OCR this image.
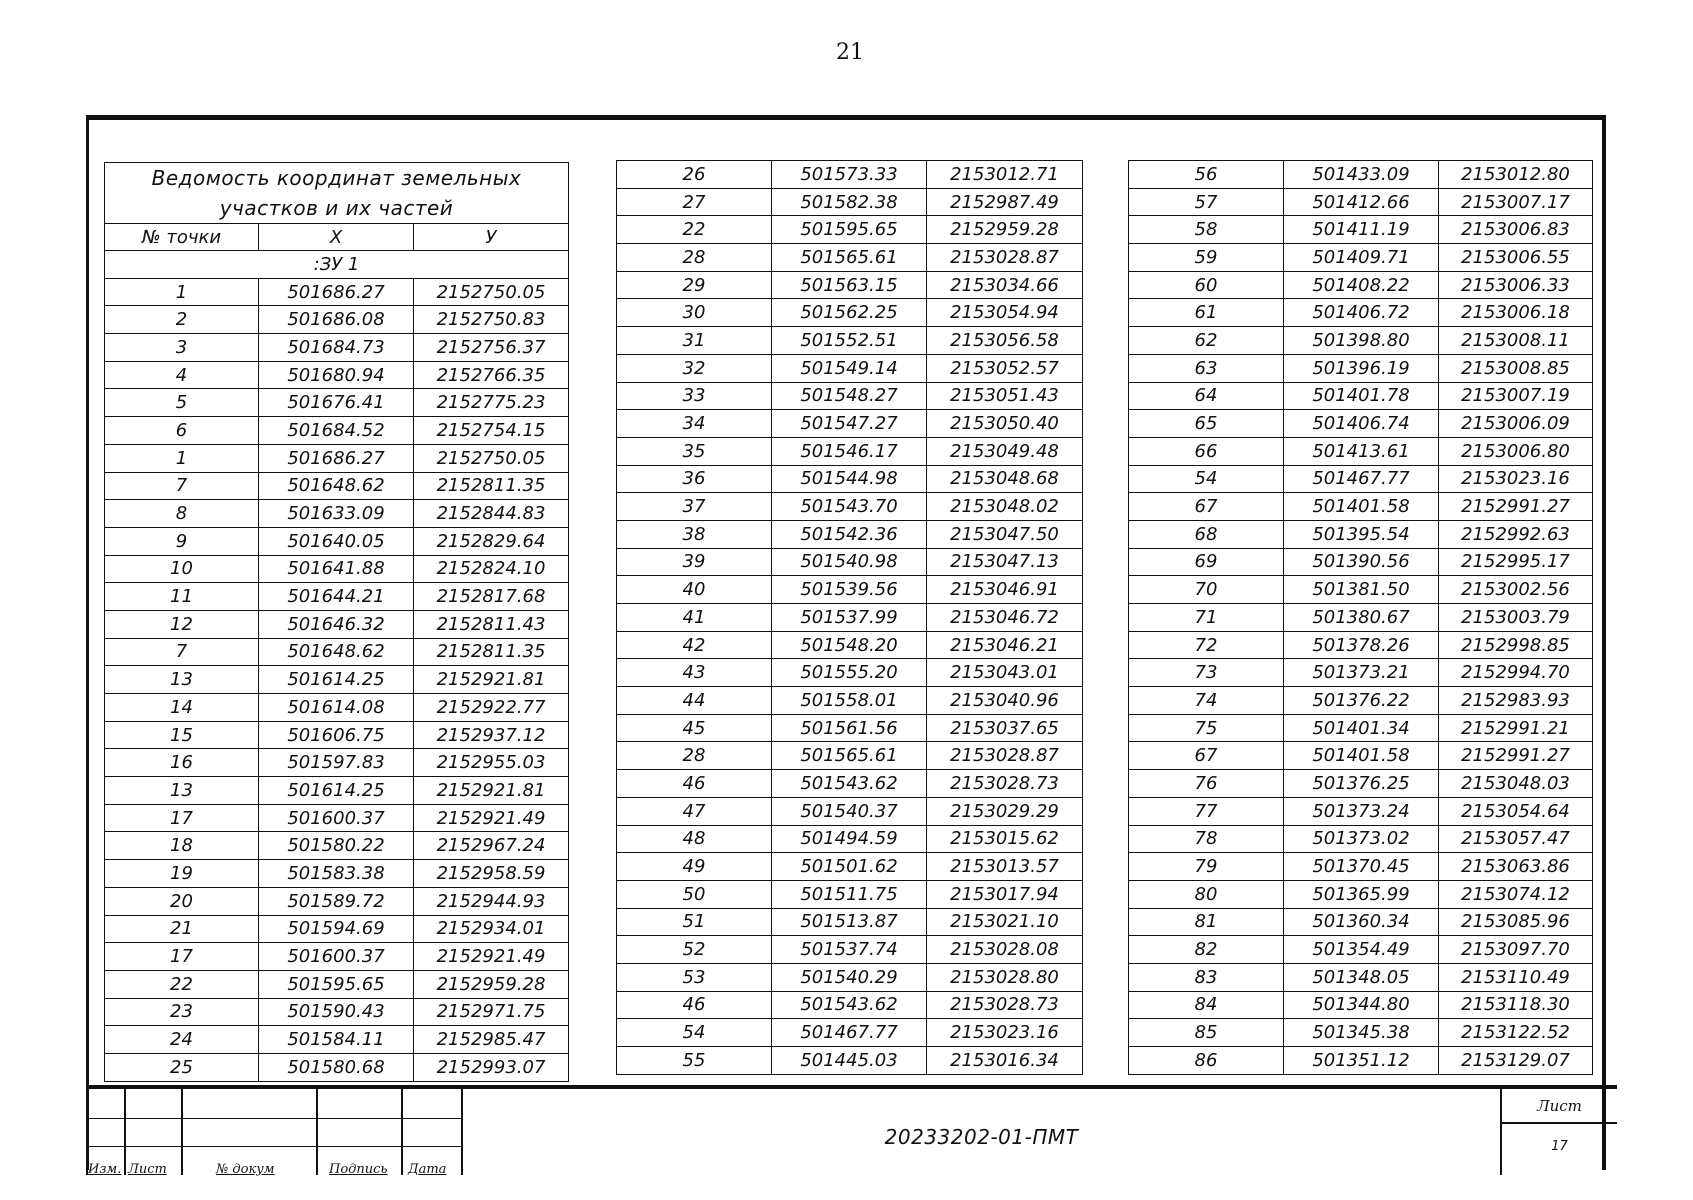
21
Ведомость координат земельных участков и их частей		
№ точки	X	У
:ЗУ 1		
1	501686.27	2152750.05
2	501686.08	2152750.83
3	501684.73	2152756.37
4	501680.94	2152766.35
5	501676.41	2152775.23
6	501684.52	2152754.15
1	501686.27	2152750.05
7	501648.62	2152811.35
8	501633.09	2152844.83
9	501640.05	2152829.64
10	501641.88	2152824.10
11	501644.21	2152817.68
12	501646.32	2152811.43
7	501648.62	2152811.35
13	501614.25	2152921.81
14	501614.08	2152922.77
15	501606.75	2152937.12
16	501597.83	2152955.03
13	501614.25	2152921.81
17	501600.37	2152921.49
18	501580.22	2152967.24
19	501583.38	2152958.59
20	501589.72	2152944.93
21	501594.69	2152934.01
17	501600.37	2152921.49
22	501595.65	2152959.28
23	501590.43	2152971.75
24	501584.11	2152985.47
25	501580.68	2152993.07
26	501573.33	2153012.71
27	501582.38	2152987.49
22	501595.65	2152959.28
28	501565.61	2153028.87
29	501563.15	2153034.66
30	501562.25	2153054.94
31	501552.51	2153056.58
32	501549.14	2153052.57
33	501548.27	2153051.43
34	501547.27	2153050.40
35	501546.17	2153049.48
36	501544.98	2153048.68
37	501543.70	2153048.02
38	501542.36	2153047.50
39	501540.98	2153047.13
40	501539.56	2153046.91
41	501537.99	2153046.72
42	501548.20	2153046.21
43	501555.20	2153043.01
44	501558.01	2153040.96
45	501561.56	2153037.65
28	501565.61	2153028.87
46	501543.62	2153028.73
47	501540.37	2153029.29
48	501494.59	2153015.62
49	501501.62	2153013.57
50	501511.75	2153017.94
51	501513.87	2153021.10
52	501537.74	2153028.08
53	501540.29	2153028.80
46	501543.62	2153028.73
54	501467.77	2153023.16
55	501445.03	2153016.34
56	501433.09	2153012.80
57	501412.66	2153007.17
58	501411.19	2153006.83
59	501409.71	2153006.55
60	501408.22	2153006.33
61	501406.72	2153006.18
62	501398.80	2153008.11
63	501396.19	2153008.85
64	501401.78	2153007.19
65	501406.74	2153006.09
66	501413.61	2153006.80
54	501467.77	2153023.16
67	501401.58	2152991.27
68	501395.54	2152992.63
69	501390.56	2152995.17
70	501381.50	2153002.56
71	501380.67	2153003.79
72	501378.26	2152998.85
73	501373.21	2152994.70
74	501376.22	2152983.93
75	501401.34	2152991.21
67	501401.58	2152991.27
76	501376.25	2153048.03
77	501373.24	2153054.64
78	501373.02	2153057.47
79	501370.45	2153063.86
80	501365.99	2153074.12
81	501360.34	2153085.96
82	501354.49	2153097.70
83	501348.05	2153110.49
84	501344.80	2153118.30
85	501345.38	2153122.52
86	501351.12	2153129.07
Изм. Лист	№ докум	Подпись Дата
20233202-01-ПМТ
Лист
17
